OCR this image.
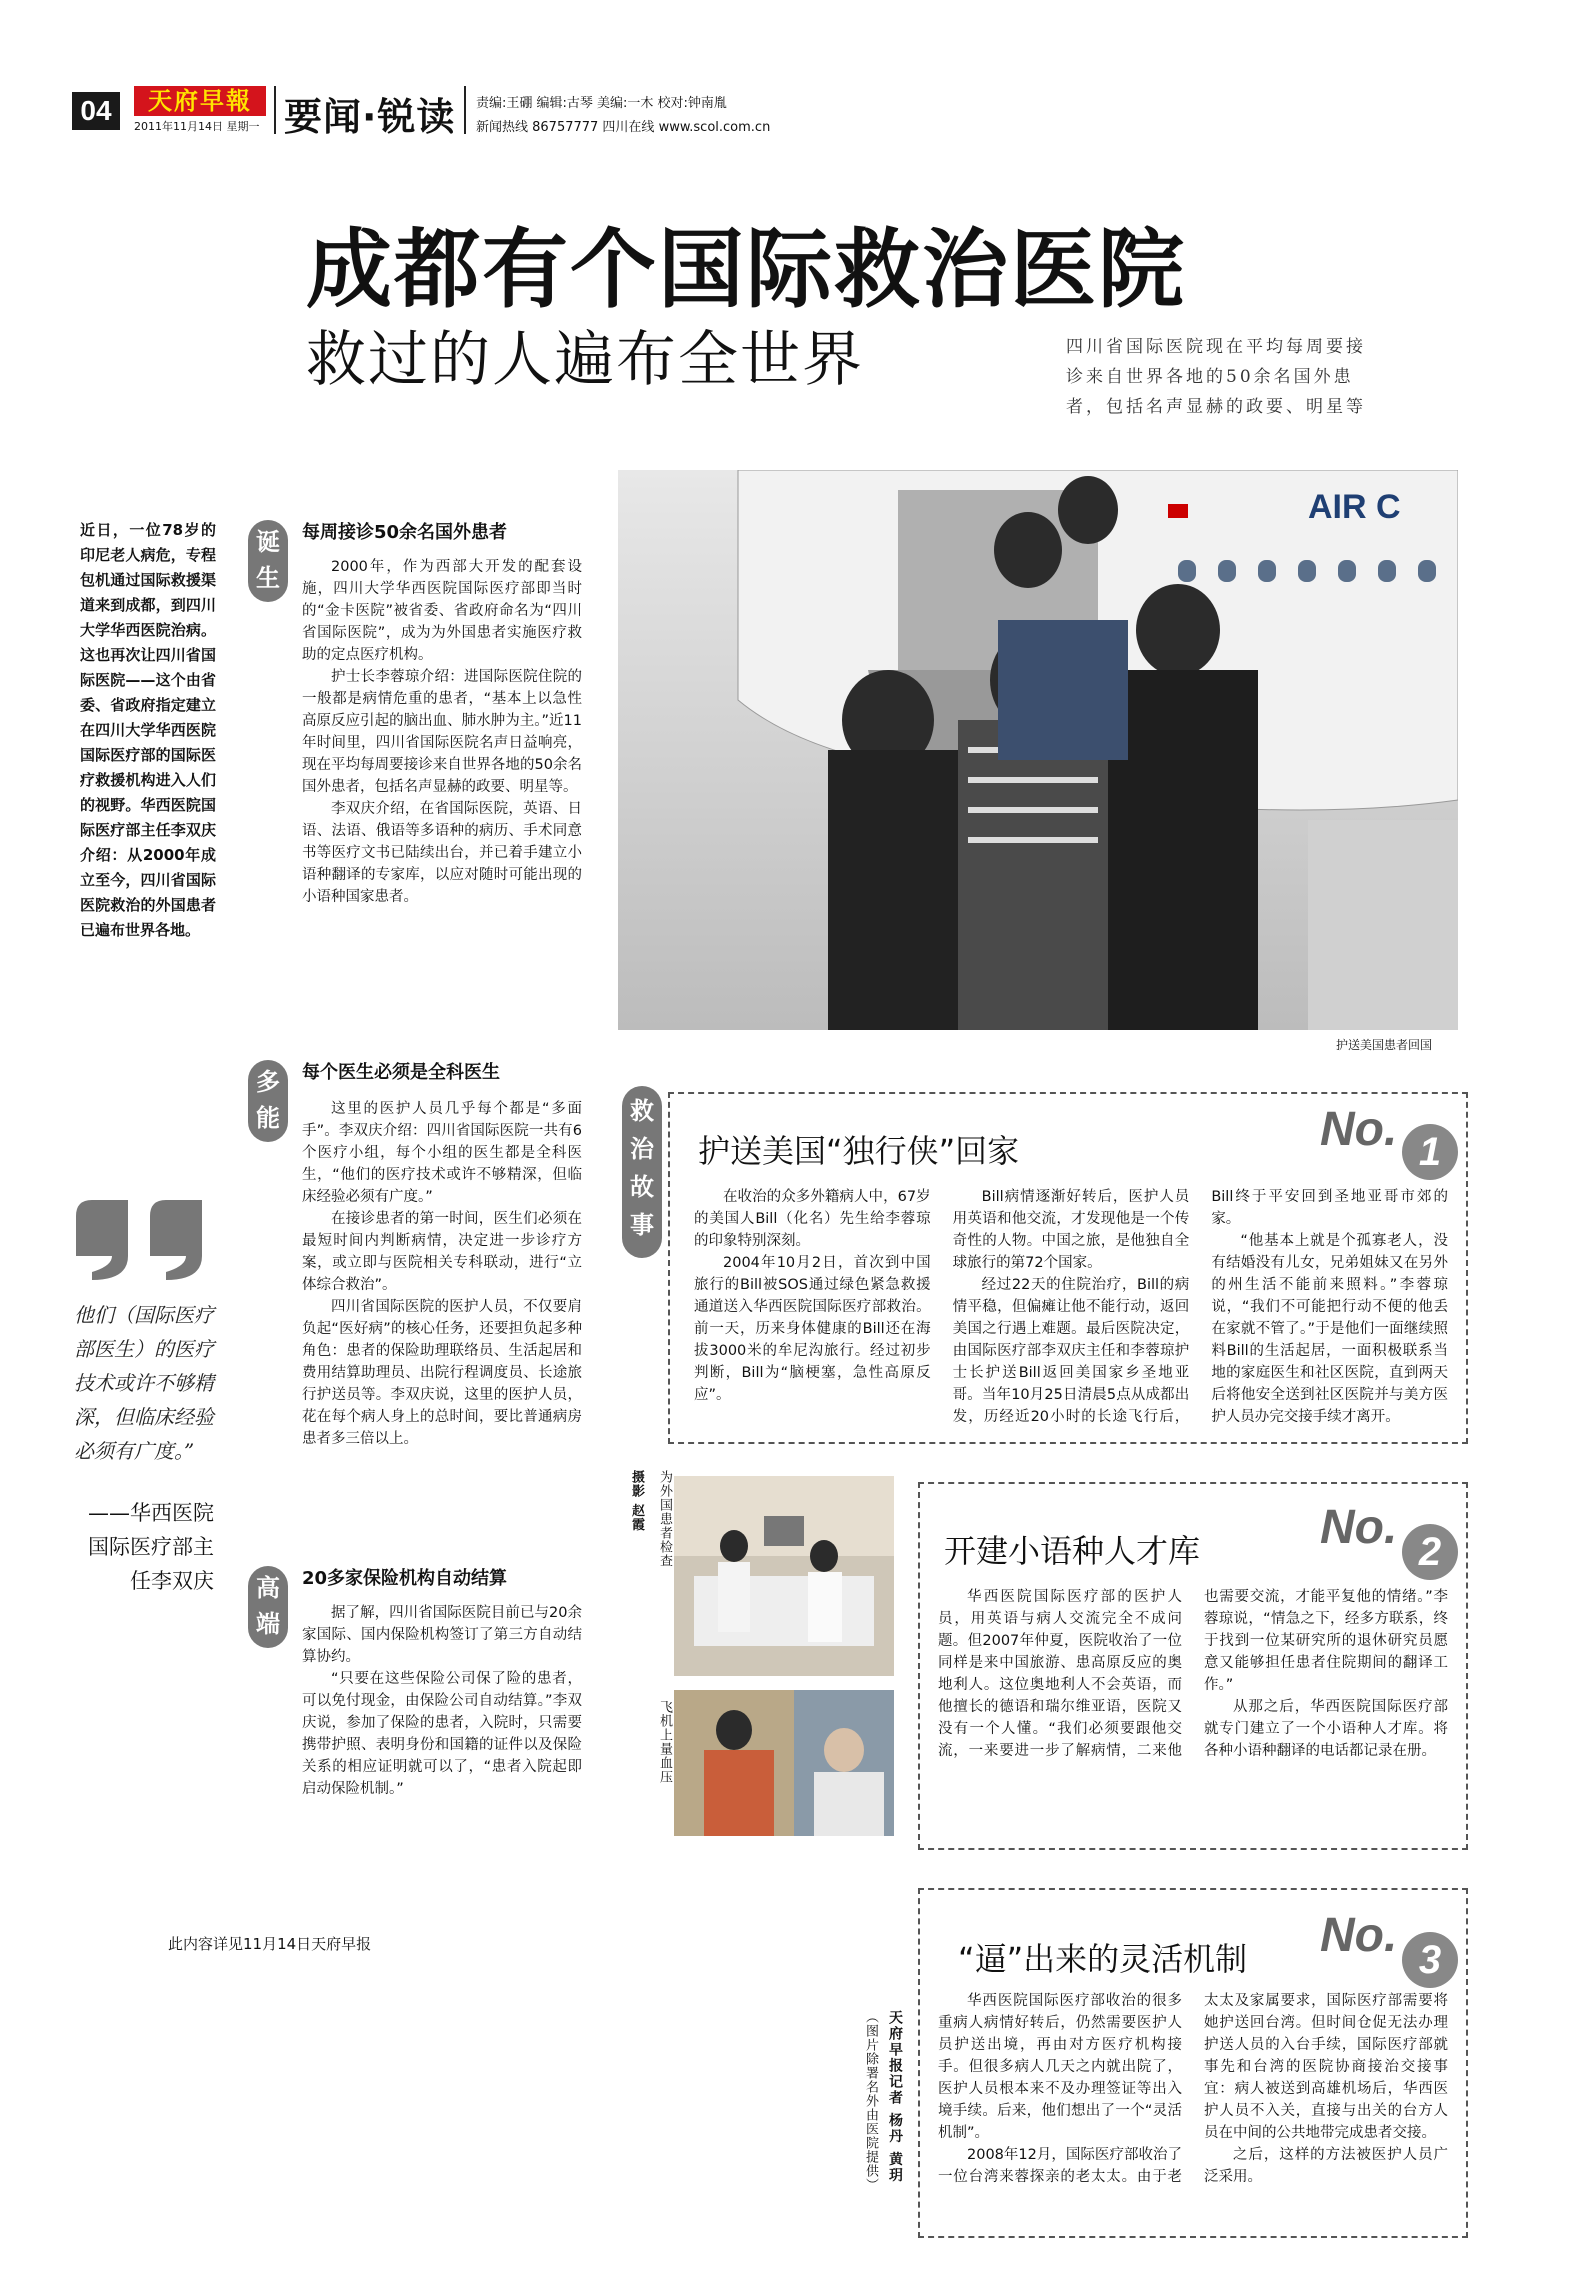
04	天府早報
2011年11月14日 星期一 要闻·锐读 责编:王硼 编辑:古琴 美编:一木 校对:钟南胤
新闻热线 86757777 四川在线 www.scol.com.cn
成都有个国际救治医院
救过的人遍布全世界	四川省国际医院现在平均每周要接诊来自世界各地的50余名国外患者，包括名声显赫的政要、明星等
近日，一位78岁的印尼老人病危，专程包机通过国际救援渠道来到成都，到四川大学华西医院治病。这也再次让四川省国际医院——这个由省委、省政府指定建立在四川大学华西医院国际医疗部的国际医疗救援机构进入人们的视野。华西医院国际医疗部主任李双庆介绍：从2000年成立至今，四川省国际医院救治的外国患者已遍布世界各地。
他们（国际医疗部医生）的医疗技术或许不够精深，但临床经验必须有广度。”
——华西医院国际医疗部主任李双庆
此内容详见11月14日天府早报
诞生
每周接诊50余名国外患者

2000年，作为西部大开发的配套设施，四川大学华西医院国际医疗部即当时的“金卡医院”被省委、省政府命名为“四川省国际医院”，成为为外国患者实施医疗救助的定点医疗机构。

护士长李蓉琼介绍：进国际医院住院的一般都是病情危重的患者，“基本上以急性高原反应引起的脑出血、肺水肿为主。”近11年时间里，四川省国际医院名声日益响亮，现在平均每周要接诊来自世界各地的50余名国外患者，包括名声显赫的政要、明星等。

李双庆介绍，在省国际医院，英语、日语、法语、俄语等多语种的病历、手术同意书等医疗文书已陆续出台，并已着手建立小语种翻译的专家库，以应对随时可能出现的小语种国家患者。

多能
每个医生必须是全科医生

这里的医护人员几乎每个都是“多面手”。李双庆介绍：四川省国际医院一共有6个医疗小组，每个小组的医生都是全科医生，“他们的医疗技术或许不够精深，但临床经验必须有广度。”

在接诊患者的第一时间，医生们必须在最短时间内判断病情，决定进一步诊疗方案，或立即与医院相关专科联动，进行“立体综合救治”。

四川省国际医院的医护人员，不仅要肩负起“医好病”的核心任务，还要担负起多种角色：患者的保险助理联络员、生活起居和费用结算助理员、出院行程调度员、长途旅行护送员等。李双庆说，这里的医护人员，花在每个病人身上的总时间，要比普通病房患者多三倍以上。

高端
20多家保险机构自动结算

据了解，四川省国际医院目前已与20余家国际、国内保险机构签订了第三方自动结算协约。

“只要在这些保险公司保了险的患者，可以免付现金，由保险公司自动结算。”李双庆说，参加了保险的患者，入院时，只需要携带护照、表明身份和国籍的证件以及保险关系的相应证明就可以了，“患者入院起即启动保险机制。”

AIR C
护送美国患者回国
救治故事
护送美国“独行侠”回家	No. 1

在收治的众多外籍病人中，67岁的美国人Bill（化名）先生给李蓉琼的印象特别深刻。

2004年10月2日，首次到中国旅行的Bill被SOS通过绿色紧急救援通道送入华西医院国际医疗部救治。前一天，历来身体健康的Bill还在海拔3000米的牟尼沟旅行。经过初步判断，Bill为“脑梗塞，急性高原反应”。

Bill病情逐渐好转后，医护人员用英语和他交流，才发现他是一个传奇性的人物。中国之旅，是他独自全球旅行的第72个国家。

经过22天的住院治疗，Bill的病情平稳，但偏瘫让他不能行动，返回美国之行遇上难题。最后医院决定，由国际医疗部李双庆主任和李蓉琼护士长护送Bill返回美国家乡圣地亚哥。当年10月25日清晨5点从成都出发，历经近20小时的长途飞行后，Bill终于平安回到圣地亚哥市郊的家。

“他基本上就是个孤寡老人，没有结婚没有儿女，兄弟姐妹又在另外的州生活不能前来照料。”李蓉琼说，“我们不可能把行动不便的他丢在家就不管了。”于是他们一面继续照料Bill的生活起居，一面积极联系当地的家庭医生和社区医院，直到两天后将他安全送到社区医院并与美方医护人员办完交接手续才离开。

摄影 赵霞 为外国患者检查
飞机上量血压
开建小语种人才库 No. 2

华西医院国际医疗部的医护人员，用英语与病人交流完全不成问题。但2007年仲夏，医院收治了一位同样是来中国旅游、患高原反应的奥地利人。这位奥地利人不会英语，而他擅长的德语和瑞尔维亚语，医院又没有一个人懂。“我们必须要跟他交流，一来要进一步了解病情，二来他也需要交流，才能平复他的情绪。”李蓉琼说，“情急之下，经多方联系，终于找到一位某研究所的退休研究员愿意又能够担任患者住院期间的翻译工作。”

从那之后，华西医院国际医疗部就专门建立了一个小语种人才库。将各种小语种翻译的电话都记录在册。

“逼”出来的灵活机制 No. 3

华西医院国际医疗部收治的很多重病人病情好转后，仍然需要医护人员护送出境，再由对方医疗机构接手。但很多病人几天之内就出院了，医护人员根本来不及办理签证等出入境手续。后来，他们想出了一个“灵活机制”。

2008年12月，国际医疗部收治了一位台湾来蓉探亲的老太太。由于老太太及家属要求，国际医疗部需要将她护送回台湾。但时间仓促无法办理护送人员的入台手续，国际医疗部就事先和台湾的医院协商接治交接事宜：病人被送到高雄机场后，华西医护人员不入关，直接与出关的台方人员在中间的公共地带完成患者交接。

之后，这样的方法被医护人员广泛采用。

天府早报记者 杨丹 黄玥
（图片除署名外由医院提供）
